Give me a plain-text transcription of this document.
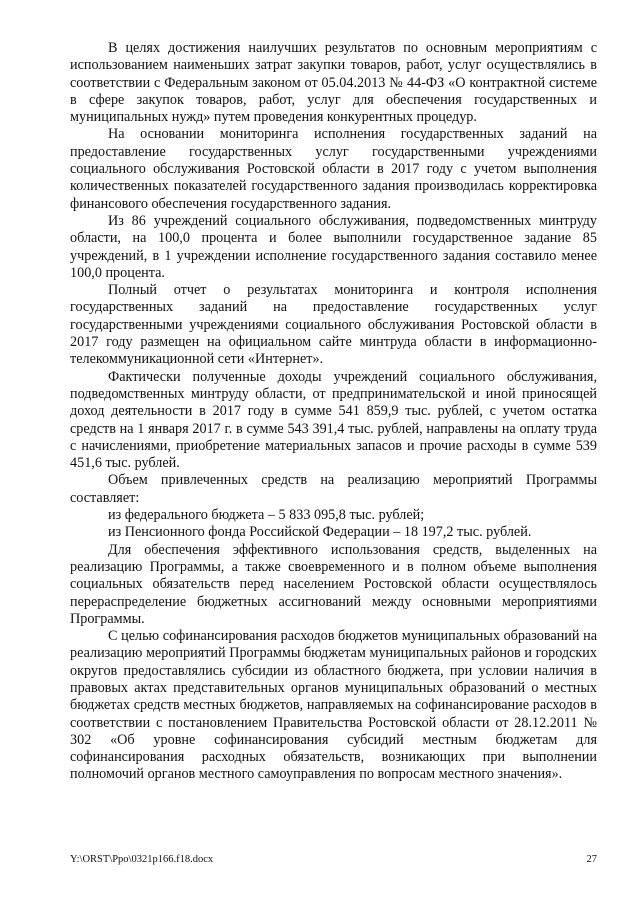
В целях достижения наилучших результатов по основным мероприятиям с использованием наименьших затрат закупки товаров, работ, услуг осуществлялись в соответствии с Федеральным законом от 05.04.2013 № 44-ФЗ «О контрактной системе в сфере закупок товаров, работ, услуг для обеспечения государственных и муниципальных нужд» путем проведения конкурентных процедур.

На основании мониторинга исполнения государственных заданий на предоставление государственных услуг государственными учреждениями социального обслуживания Ростовской области в 2017 году с учетом выполнения количественных показателей государственного задания производилась корректировка финансового обеспечения государственного задания.

Из 86 учреждений социального обслуживания, подведомственных минтруду области, на 100,0 процента и более выполнили государственное задание 85 учреждений, в 1 учреждении исполнение государственного задания составило менее 100,0 процента.

Полный отчет о результатах мониторинга и контроля исполнения государственных заданий на предоставление государственных услуг государственными учреждениями социального обслуживания Ростовской области в 2017 году размещен на официальном сайте минтруда области в информационно-телекоммуникационной сети «Интернет».

Фактически полученные доходы учреждений социального обслуживания, подведомственных минтруду области, от предпринимательской и иной приносящей доход деятельности в 2017 году в сумме 541 859,9 тыс. рублей, с учетом остатка средств на 1 января 2017 г. в сумме 543 391,4 тыс. рублей, направлены на оплату труда с начислениями, приобретение материальных запасов и прочие расходы в сумме 539 451,6 тыс. рублей.

Объем привлеченных средств на реализацию мероприятий Программы составляет:

из федерального бюджета – 5 833 095,8 тыс. рублей;

из Пенсионного фонда Российской Федерации – 18 197,2 тыс. рублей.

Для обеспечения эффективного использования средств, выделенных на реализацию Программы, а также своевременного и в полном объеме выполнения социальных обязательств перед населением Ростовской области осуществлялось перераспределение бюджетных ассигнований между основными мероприятиями Программы.

С целью софинансирования расходов бюджетов муниципальных образований на реализацию мероприятий Программы бюджетам муниципальных районов и городских округов предоставлялись субсидии из областного бюджета, при условии наличия в правовых актах представительных органов муниципальных образований о местных бюджетах средств местных бюджетов, направляемых на софинансирование расходов в соответствии с постановлением Правительства Ростовской области от 28.12.2011 № 302 «Об уровне софинансирования субсидий местным бюджетам для софинансирования расходных обязательств, возникающих при выполнении полномочий органов местного самоуправления по вопросам местного значения».

Y:\ORST\Ppo\0321p166.f18.docx	27
